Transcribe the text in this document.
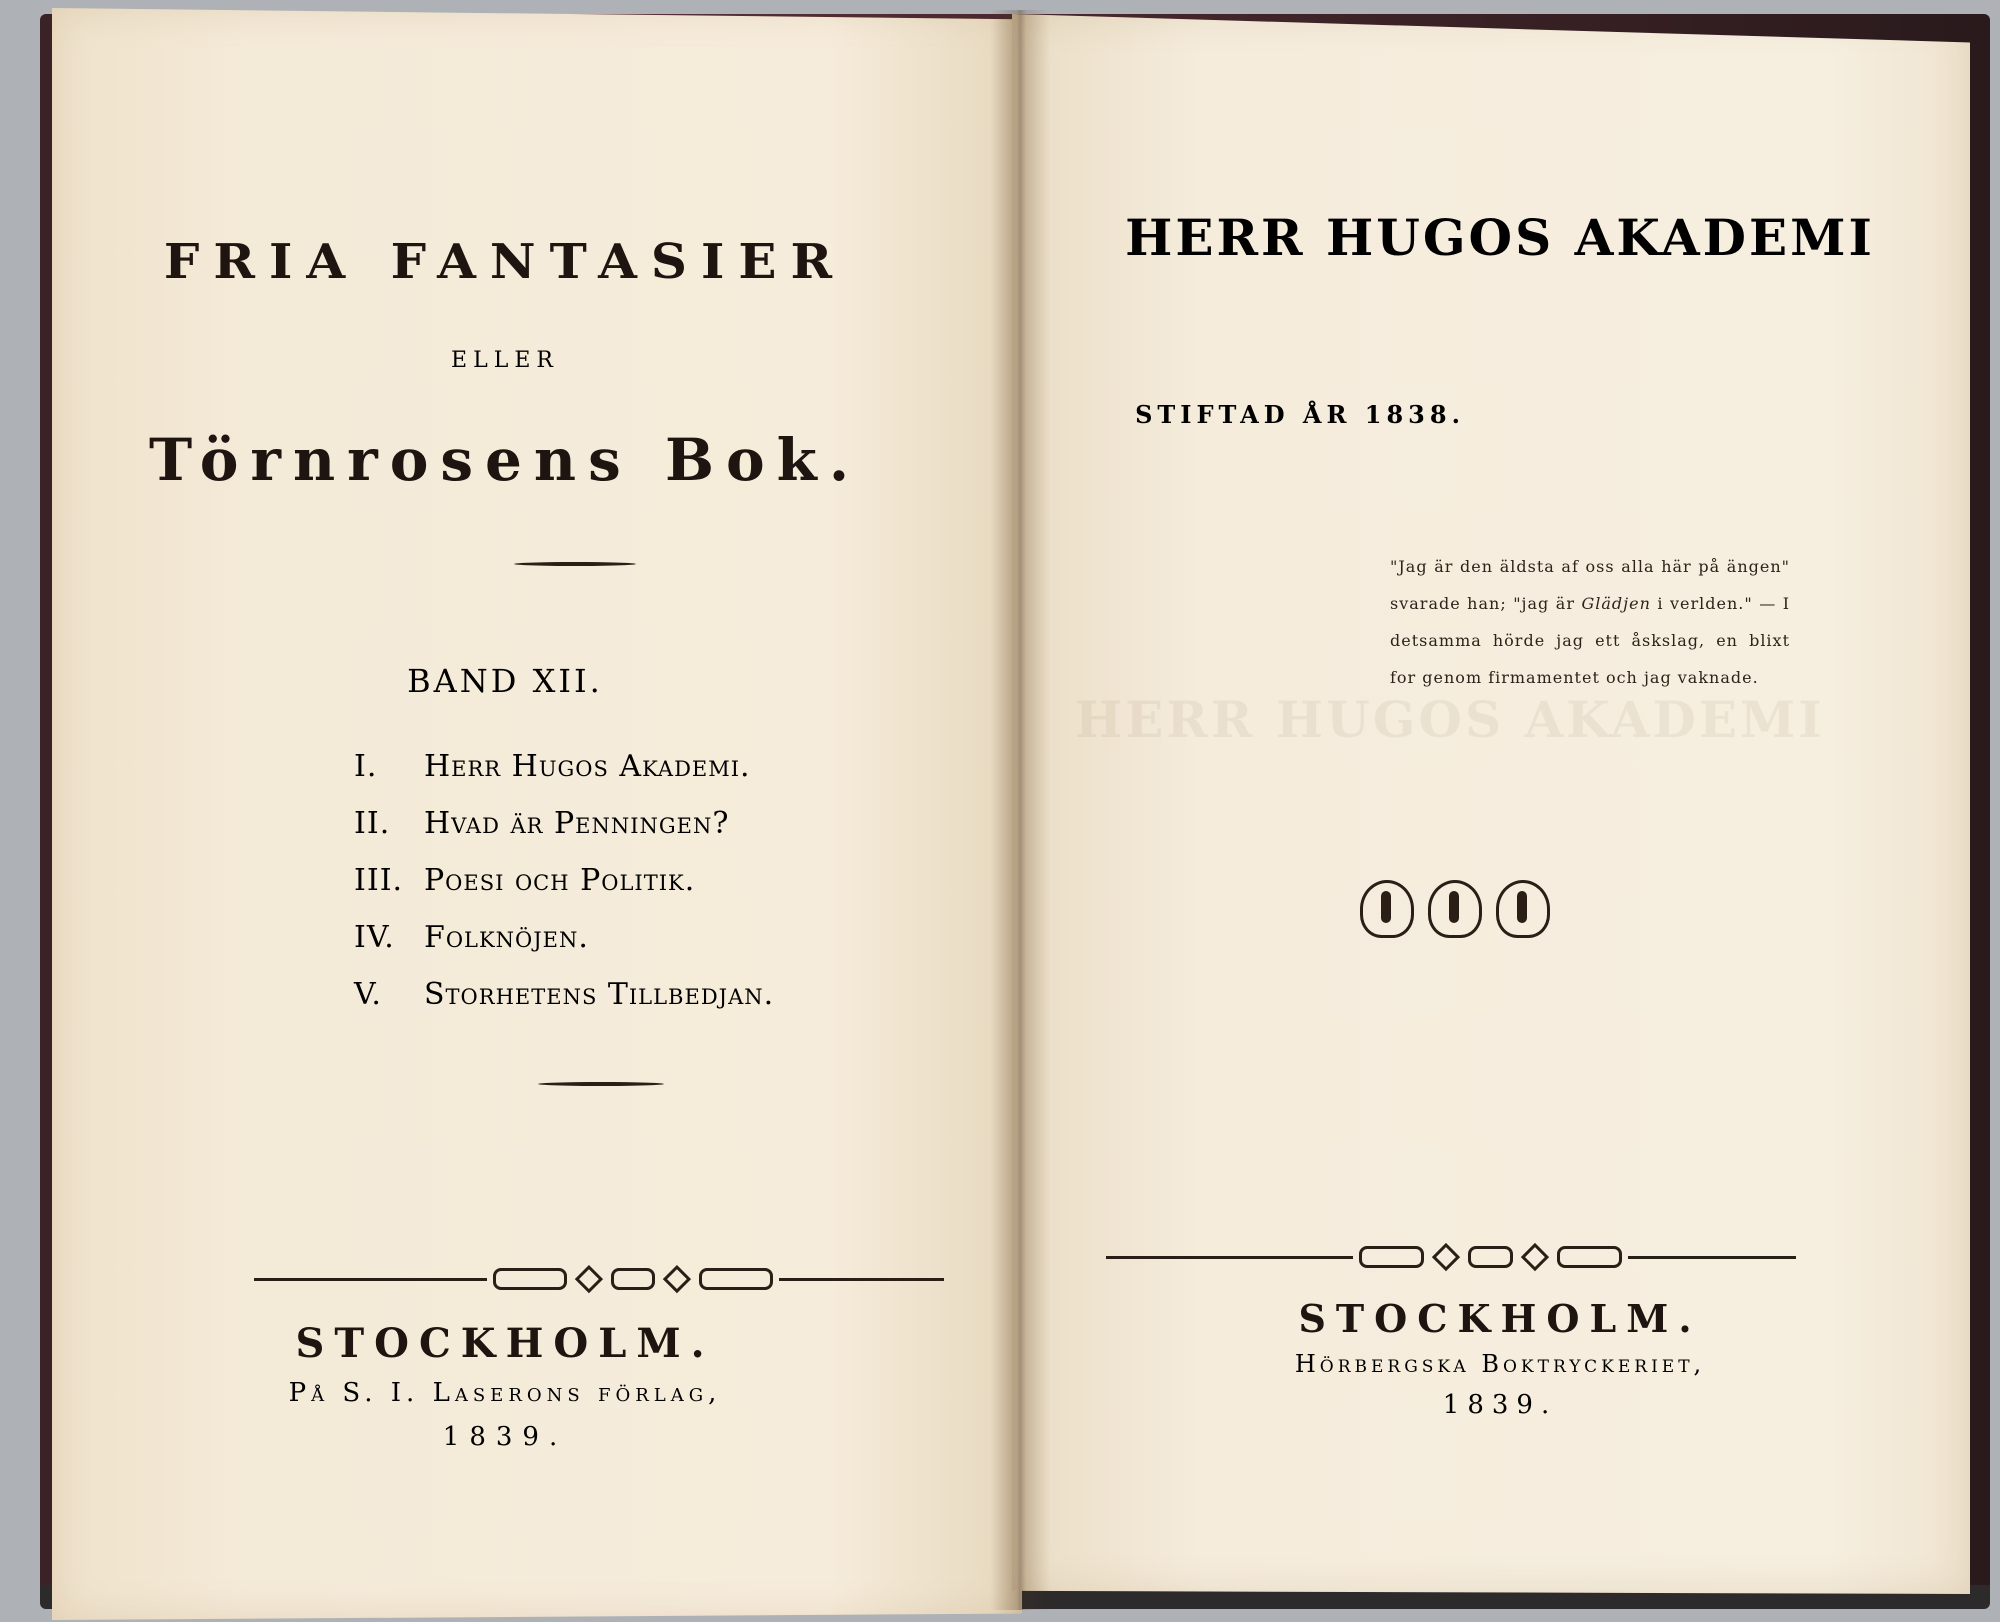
FRIA FANTASIER
ELLER
Törnrosens Bok.
BAND XII.
I.	Herr Hugos Akademi.
II.	Hvad är Penningen?
III. Poesi och Politik.
IV. Folknöjen.
V.	Storhetens Tillbedjan.
STOCKHOLM.
På S. I. Laserons förlag,
1839.
HERR HUGOS AKADEMI
STIFTAD ÅR 1838.
HERR HUGOS AKADEMI
"Jag är den äldsta af oss alla här på ängen" svarade han; "jag är Glädjen i verlden." — I detsamma hörde jag ett åskslag, en blixt for genom firmamentet och jag vaknade.
STOCKHOLM.
Hörbergska Boktryckeriet,
1839.
